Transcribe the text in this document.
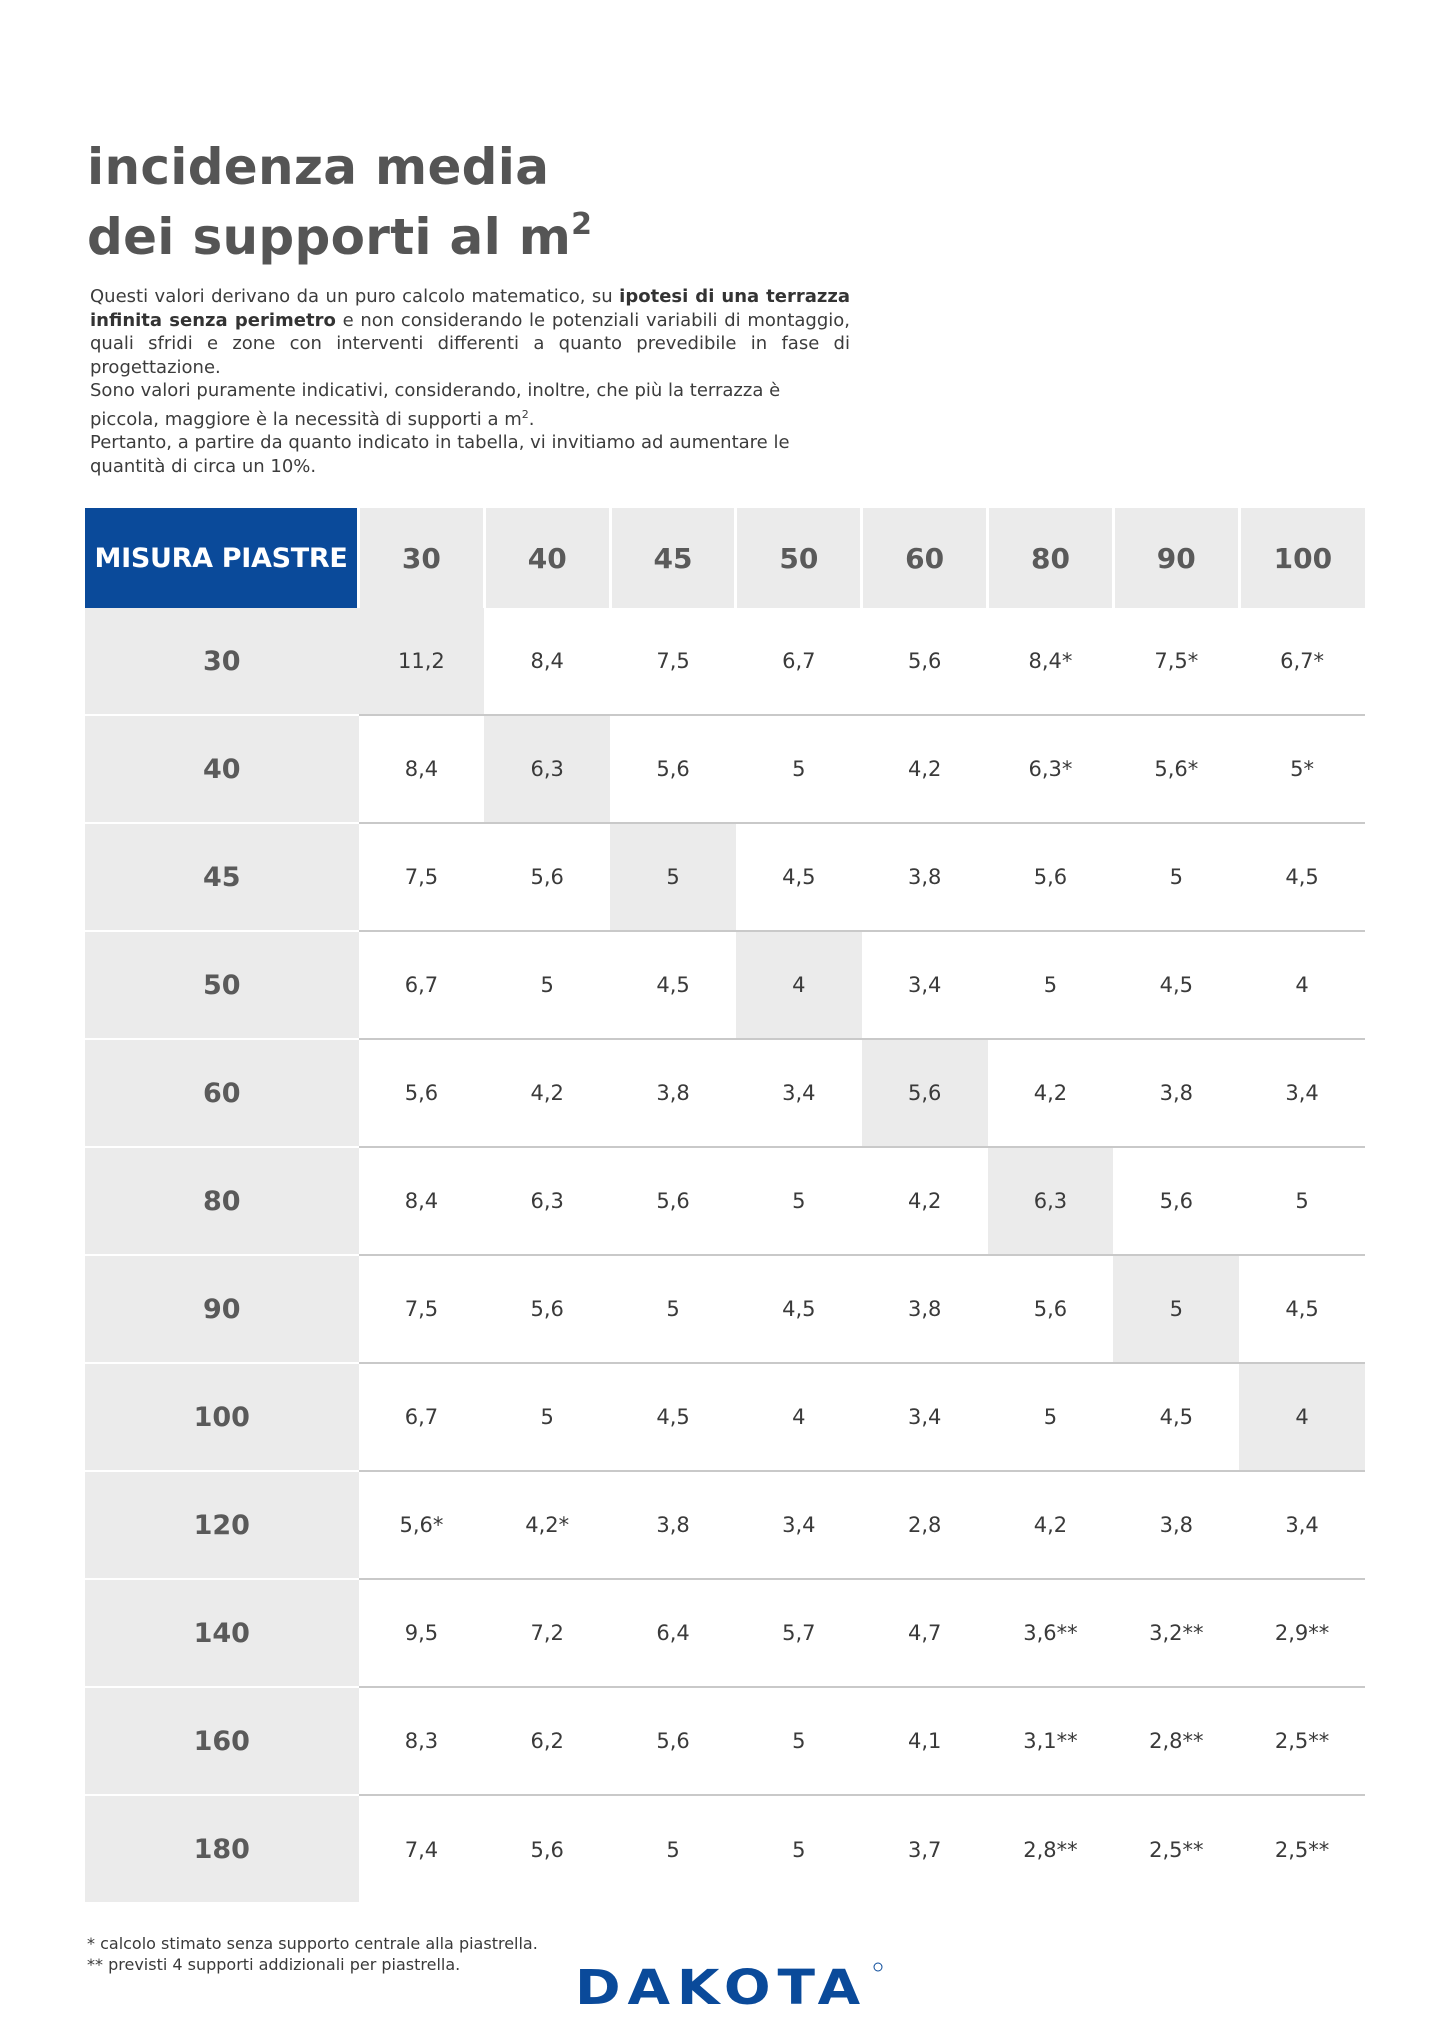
incidenza media
dei supporti al $m^2$

Questi valori derivano da un puro calcolo matematico, su ipotesi di una terrazza infinita senza perimetro e non considerando le potenziali variabili di montaggio, quali sfridi e zone con interventi differenti a quanto prevedibile in fase di progettazione.

Sono valori puramente indicativi, considerando, inoltre, che più la terrazza è piccola, maggiore è la necessità di supporti a $m^2$.

Pertanto, a partire da quanto indicato in tabella, vi invitiamo ad aumentare le quantità di circa un 10%.

MISURA PIASTRE	30	40	45	50	60	80	90	100
30	11,2	8,4	7,5	6,7	5,6	8,4*	7,5*	6,7*
40	8,4	6,3	5,6	5	4,2	6,3*	5,6*	5*
45	7,5	5,6	5	4,5	3,8	5,6	5	4,5
50	6,7	5	4,5	4	3,4	5	4,5	4
60	5,6	4,2	3,8	3,4	5,6	4,2	3,8	3,4
80	8,4	6,3	5,6	5	4,2	6,3	5,6	5
90	7,5	5,6	5	4,5	3,8	5,6	5	4,5
100	6,7	5	4,5	4	3,4	5	4,5	4
120	5,6*	4,2*	3,8	3,4	2,8	4,2	3,8	3,4
140	9,5	7,2	6,4	5,7	4,7	3,6**	3,2**	2,9**
160	8,3	6,2	5,6	5	4,1	3,1**	2,8**	2,5**
180	7,4	5,6	5	5	3,7	2,8**	2,5**	2,5**
* calcolo stimato senza supporto centrale alla piastrella.
** previsti 4 supporti addizionali per piastrella.	DAKOTA
